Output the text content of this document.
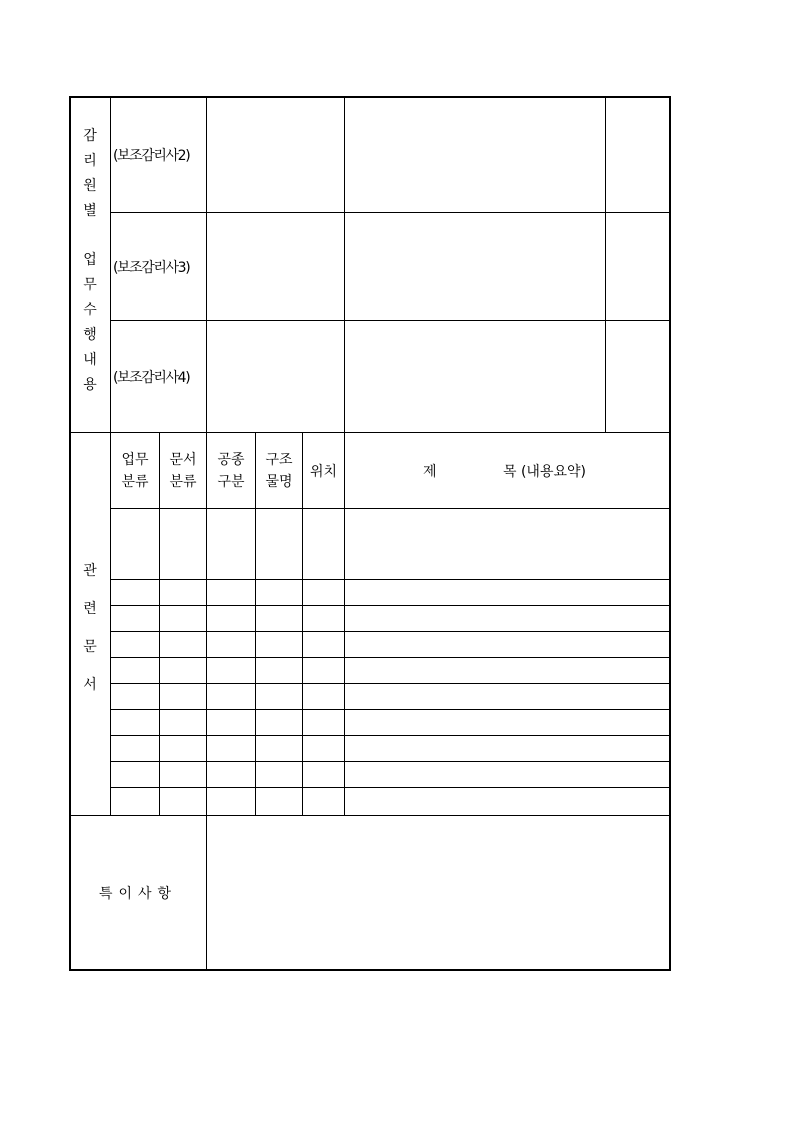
감
리
원
별
업
무
수
행
내
용
(보조감리사2)
(보조감리사3)
(보조감리사4)
관
련
문
서
업무
분류
문서
분류
공종
구분
구조
물명
위치	제	목 (내용요약)
특이사항
